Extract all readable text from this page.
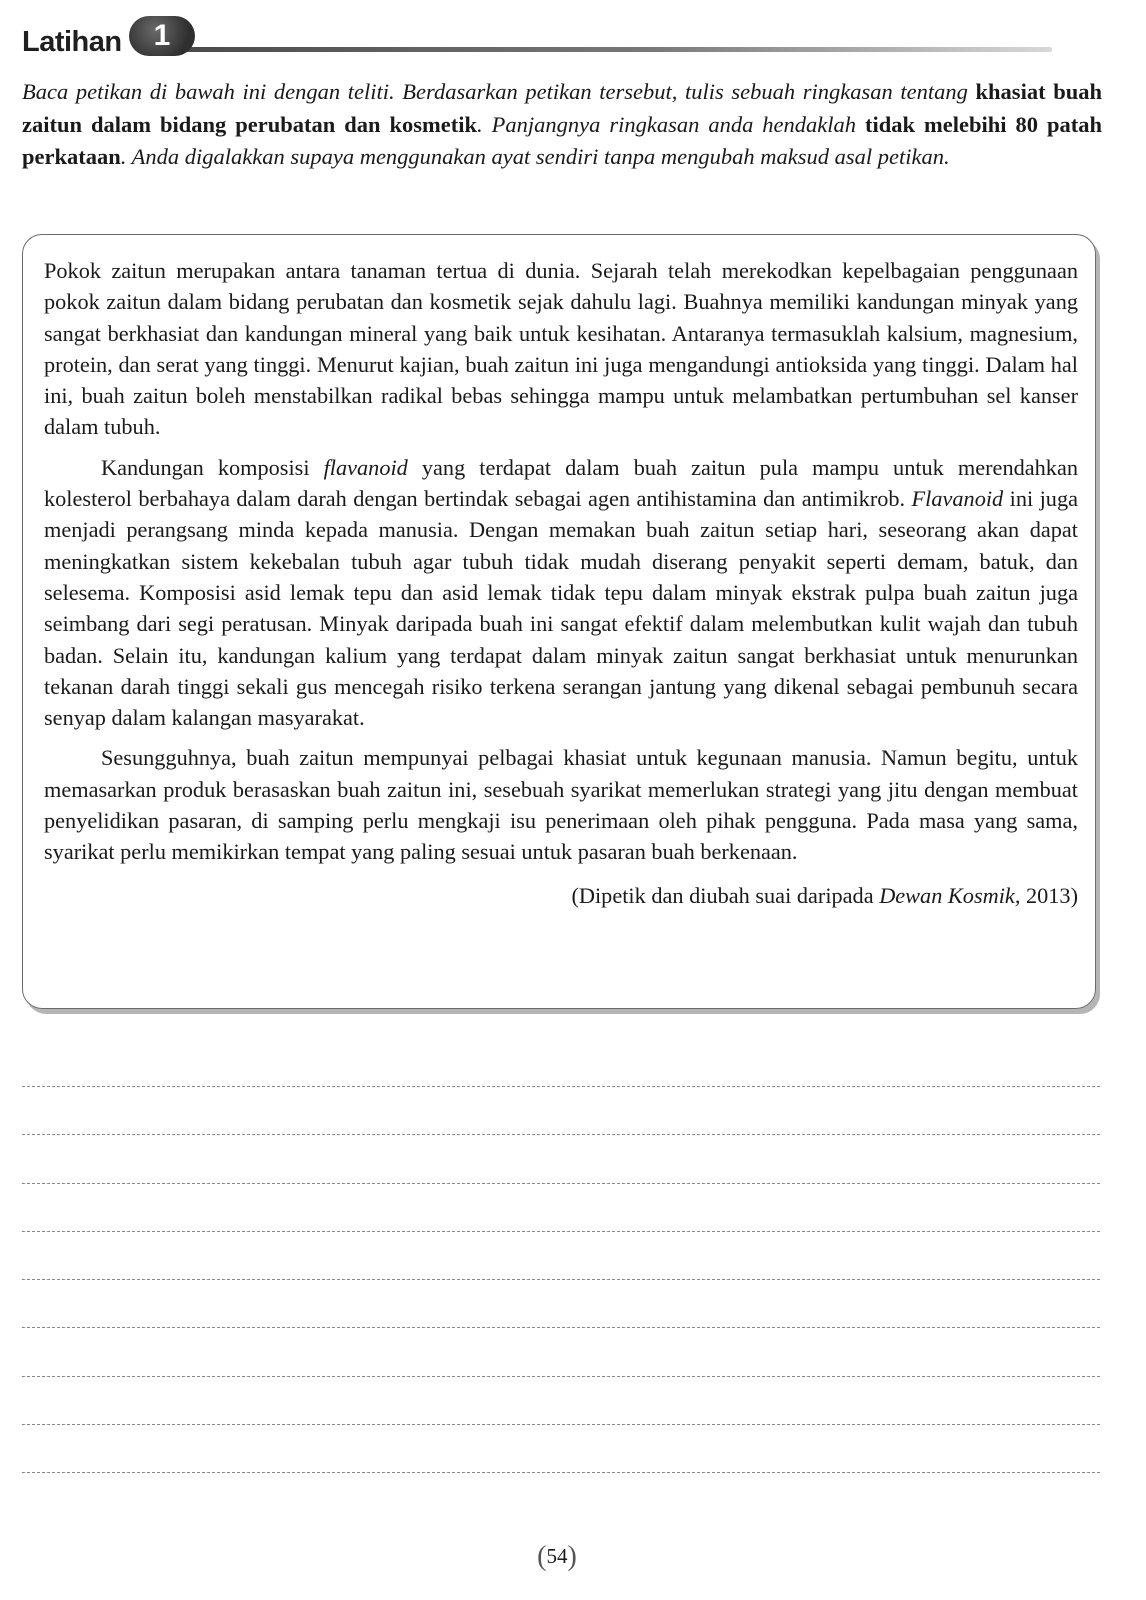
Latihan	1

Baca petikan di bawah ini dengan teliti. Berdasarkan petikan tersebut, tulis sebuah ringkasan tentang khasiat buah zaitun dalam bidang perubatan dan kosmetik. Panjangnya ringkasan anda hendaklah tidak melebihi 80 patah perkataan. Anda digalakkan supaya menggunakan ayat sendiri tanpa mengubah maksud asal petikan.

Pokok zaitun merupakan antara tanaman tertua di dunia. Sejarah telah merekodkan kepelbagaian penggunaan pokok zaitun dalam bidang perubatan dan kosmetik sejak dahulu lagi. Buahnya memiliki kandungan minyak yang sangat berkhasiat dan kandungan mineral yang baik untuk kesihatan. Antaranya termasuklah kalsium, magnesium, protein, dan serat yang tinggi. Menurut kajian, buah zaitun ini juga mengandungi antioksida yang tinggi. Dalam hal ini, buah zaitun boleh menstabilkan radikal bebas sehingga mampu untuk melambatkan pertumbuhan sel kanser dalam tubuh.

Kandungan komposisi flavanoid yang terdapat dalam buah zaitun pula mampu untuk merendahkan kolesterol berbahaya dalam darah dengan bertindak sebagai agen antihistamina dan antimikrob. Flavanoid ini juga menjadi perangsang minda kepada manusia. Dengan memakan buah zaitun setiap hari, seseorang akan dapat meningkatkan sistem kekebalan tubuh agar tubuh tidak mudah diserang penyakit seperti demam, batuk, dan selesema. Komposisi asid lemak tepu dan asid lemak tidak tepu dalam minyak ekstrak pulpa buah zaitun juga seimbang dari segi peratusan. Minyak daripada buah ini sangat efektif dalam melembutkan kulit wajah dan tubuh badan. Selain itu, kandungan kalium yang terdapat dalam minyak zaitun sangat berkhasiat untuk menurunkan tekanan darah tinggi sekali gus mencegah risiko terkena serangan jantung yang dikenal sebagai pembunuh secara senyap dalam kalangan masyarakat.

Sesungguhnya, buah zaitun mempunyai pelbagai khasiat untuk kegunaan manusia. Namun begitu, untuk memasarkan produk berasaskan buah zaitun ini, sesebuah syarikat memerlukan strategi yang jitu dengan membuat penyelidikan pasaran, di samping perlu mengkaji isu penerimaan oleh pihak pengguna. Pada masa yang sama, syarikat perlu memikirkan tempat yang paling sesuai untuk pasaran buah berkenaan.

(Dipetik dan diubah suai daripada Dewan Kosmik, 2013)

(54)
